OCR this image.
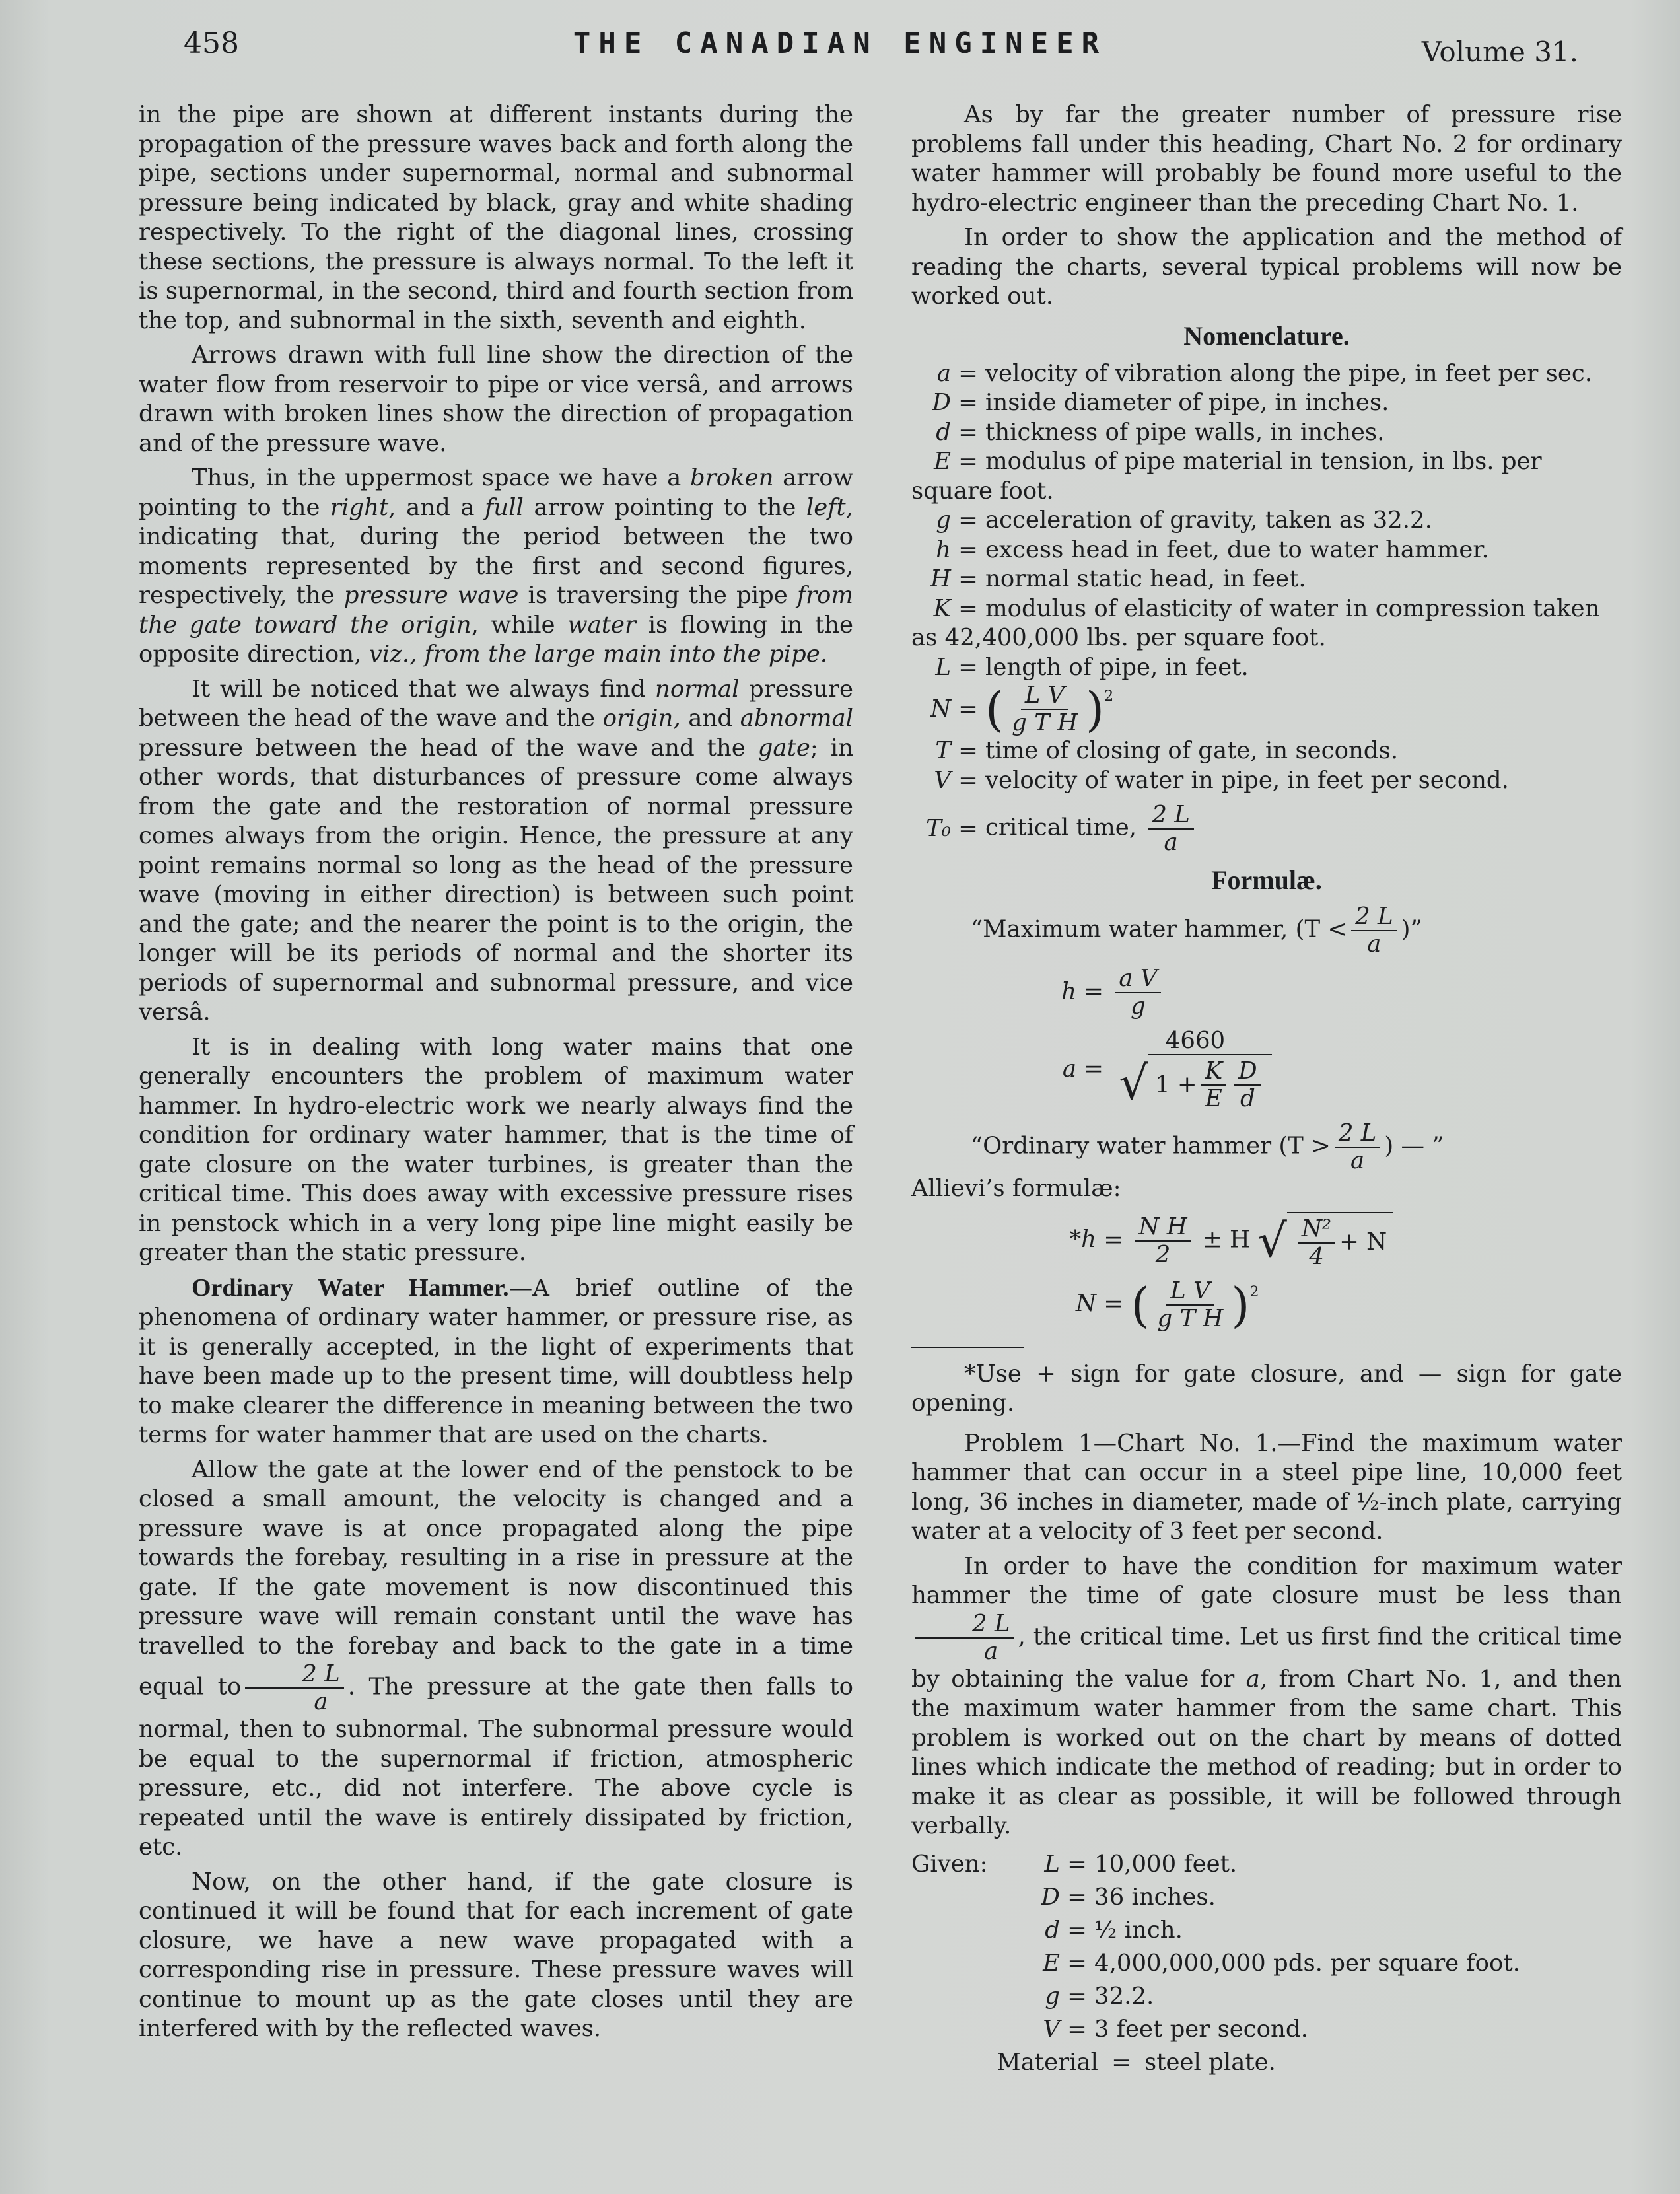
458	THE CANADIAN ENGINEER	Volume 31.

in the pipe are shown at different instants during the propagation of the pressure waves back and forth along the pipe, sections under supernormal, normal and subnormal pressure being indicated by black, gray and white shading respectively. To the right of the diagonal lines, crossing these sections, the pressure is always normal. To the left it is supernormal, in the second, third and fourth section from the top, and subnormal in the sixth, seventh and eighth.

Arrows drawn with full line show the direction of the water flow from reservoir to pipe or vice versâ, and arrows drawn with broken lines show the direction of propagation and of the pressure wave.

Thus, in the uppermost space we have a broken arrow pointing to the right, and a full arrow pointing to the left, indicating that, during the period between the two moments represented by the first and second figures, respectively, the pressure wave is traversing the pipe from the gate toward the origin, while water is flowing in the opposite direction, viz., from the large main into the pipe.

It will be noticed that we always find normal pressure between the head of the wave and the origin, and abnormal pressure between the head of the wave and the gate; in other words, that disturbances of pressure come always from the gate and the restoration of normal pressure comes always from the origin. Hence, the pressure at any point remains normal so long as the head of the pressure wave (moving in either direction) is between such point and the gate; and the nearer the point is to the origin, the longer will be its periods of normal and the shorter its periods of supernormal and subnormal pressure, and vice versâ.

It is in dealing with long water mains that one generally encounters the problem of maximum water hammer. In hydro-electric work we nearly always find the condition for ordinary water hammer, that is the time of gate closure on the water turbines, is greater than the critical time. This does away with excessive pressure rises in penstock which in a very long pipe line might easily be greater than the static pressure.

Ordinary Water Hammer.—A brief outline of the phenomena of ordinary water hammer, or pressure rise, as it is generally accepted, in the light of experiments that have been made up to the present time, will doubtless help to make clearer the difference in meaning between the two terms for water hammer that are used on the charts.

Allow the gate at the lower end of the penstock to be closed a small amount, the velocity is changed and a pressure wave is at once propagated along the pipe towards the forebay, resulting in a rise in pressure at the gate. If the gate movement is now discontinued this pressure wave will remain constant until the wave has travelled to the forebay and back to the gate in a time equal to $\frac{2 L}{a}$ . The pressure at the gate then falls to normal, then to subnormal. The subnormal pressure would be equal to the supernormal if friction, atmospheric pressure, etc., did not interfere. The above cycle is repeated until the wave is entirely dissipated by friction, etc.

Now, on the other hand, if the gate closure is continued it will be found that for each increment of gate closure, we have a new wave propagated with a corresponding rise in pressure. These pressure waves will continue to mount up as the gate closes until they are interfered with by the reflected waves.

As by far the greater number of pressure rise problems fall under this heading, Chart No. 2 for ordinary water hammer will probably be found more useful to the hydro-electric engineer than the preceding Chart No. 1.

In order to show the application and the method of reading the charts, several typical problems will now be worked out.

Nomenclature.
a = velocity of vibration along the pipe, in feet per sec.
D = inside diameter of pipe, in inches.
d = thickness of pipe walls, in inches.
E = modulus of pipe material in tension, in lbs. per
square foot.
g = acceleration of gravity, taken as 32.2.
h = excess head in feet, due to water hammer.
H = normal static head, in feet.
K = modulus of elasticity of water in compression taken
as 42,400,000 lbs. per square foot.
L = length of pipe, in feet.
N = ( $\frac{\text{L V}}{\text{g T H}} )^2$
T = time of closing of gate, in seconds.
V = velocity of water in pipe, in feet per second.
T₀ = critical time, $\frac{2 L}{a}$
Formulæ.
“Maximum water hammer, ($T < \frac{2 L}{a}$ )”
$h = \frac{\text{a V}}{g}$
a =
4660
√ $1 + \frac{K}{E} \frac{D}{d}$
“Ordinary water hammer ($T > \frac{2 L}{a}$ ) — ”
Allievi’s formulæ:
$*h = \frac{\text{N H}}{2} \pm H$ √ $\frac{\text{N²}}{4} + N$
N = ( $\frac{\text{L V}}{\text{g T H}} )^2$

*Use + sign for gate closure, and — sign for gate opening.

Problem 1—Chart No. 1.—Find the maximum water hammer that can occur in a steel pipe line, 10,000 feet long, 36 inches in diameter, made of ½-inch plate, carrying water at a velocity of 3 feet per second.

In order to have the condition for maximum water hammer the time of gate closure must be less than
$\frac{2 L}{a}$ , the critical time. Let us first find the critical time by obtaining the value for a, from Chart No. 1, and then the maximum water hammer from the same chart. This problem is worked out on the chart by means of dotted lines which indicate the method of reading; but in order to make it as clear as possible, it will be followed through verbally.

Given:	L = 10,000 feet.
D = 36 inches.
d = ½ inch.
E = 4,000,000,000 pds. per square foot.
g = 32.2.
V = 3 feet per second.
Material = steel plate.
